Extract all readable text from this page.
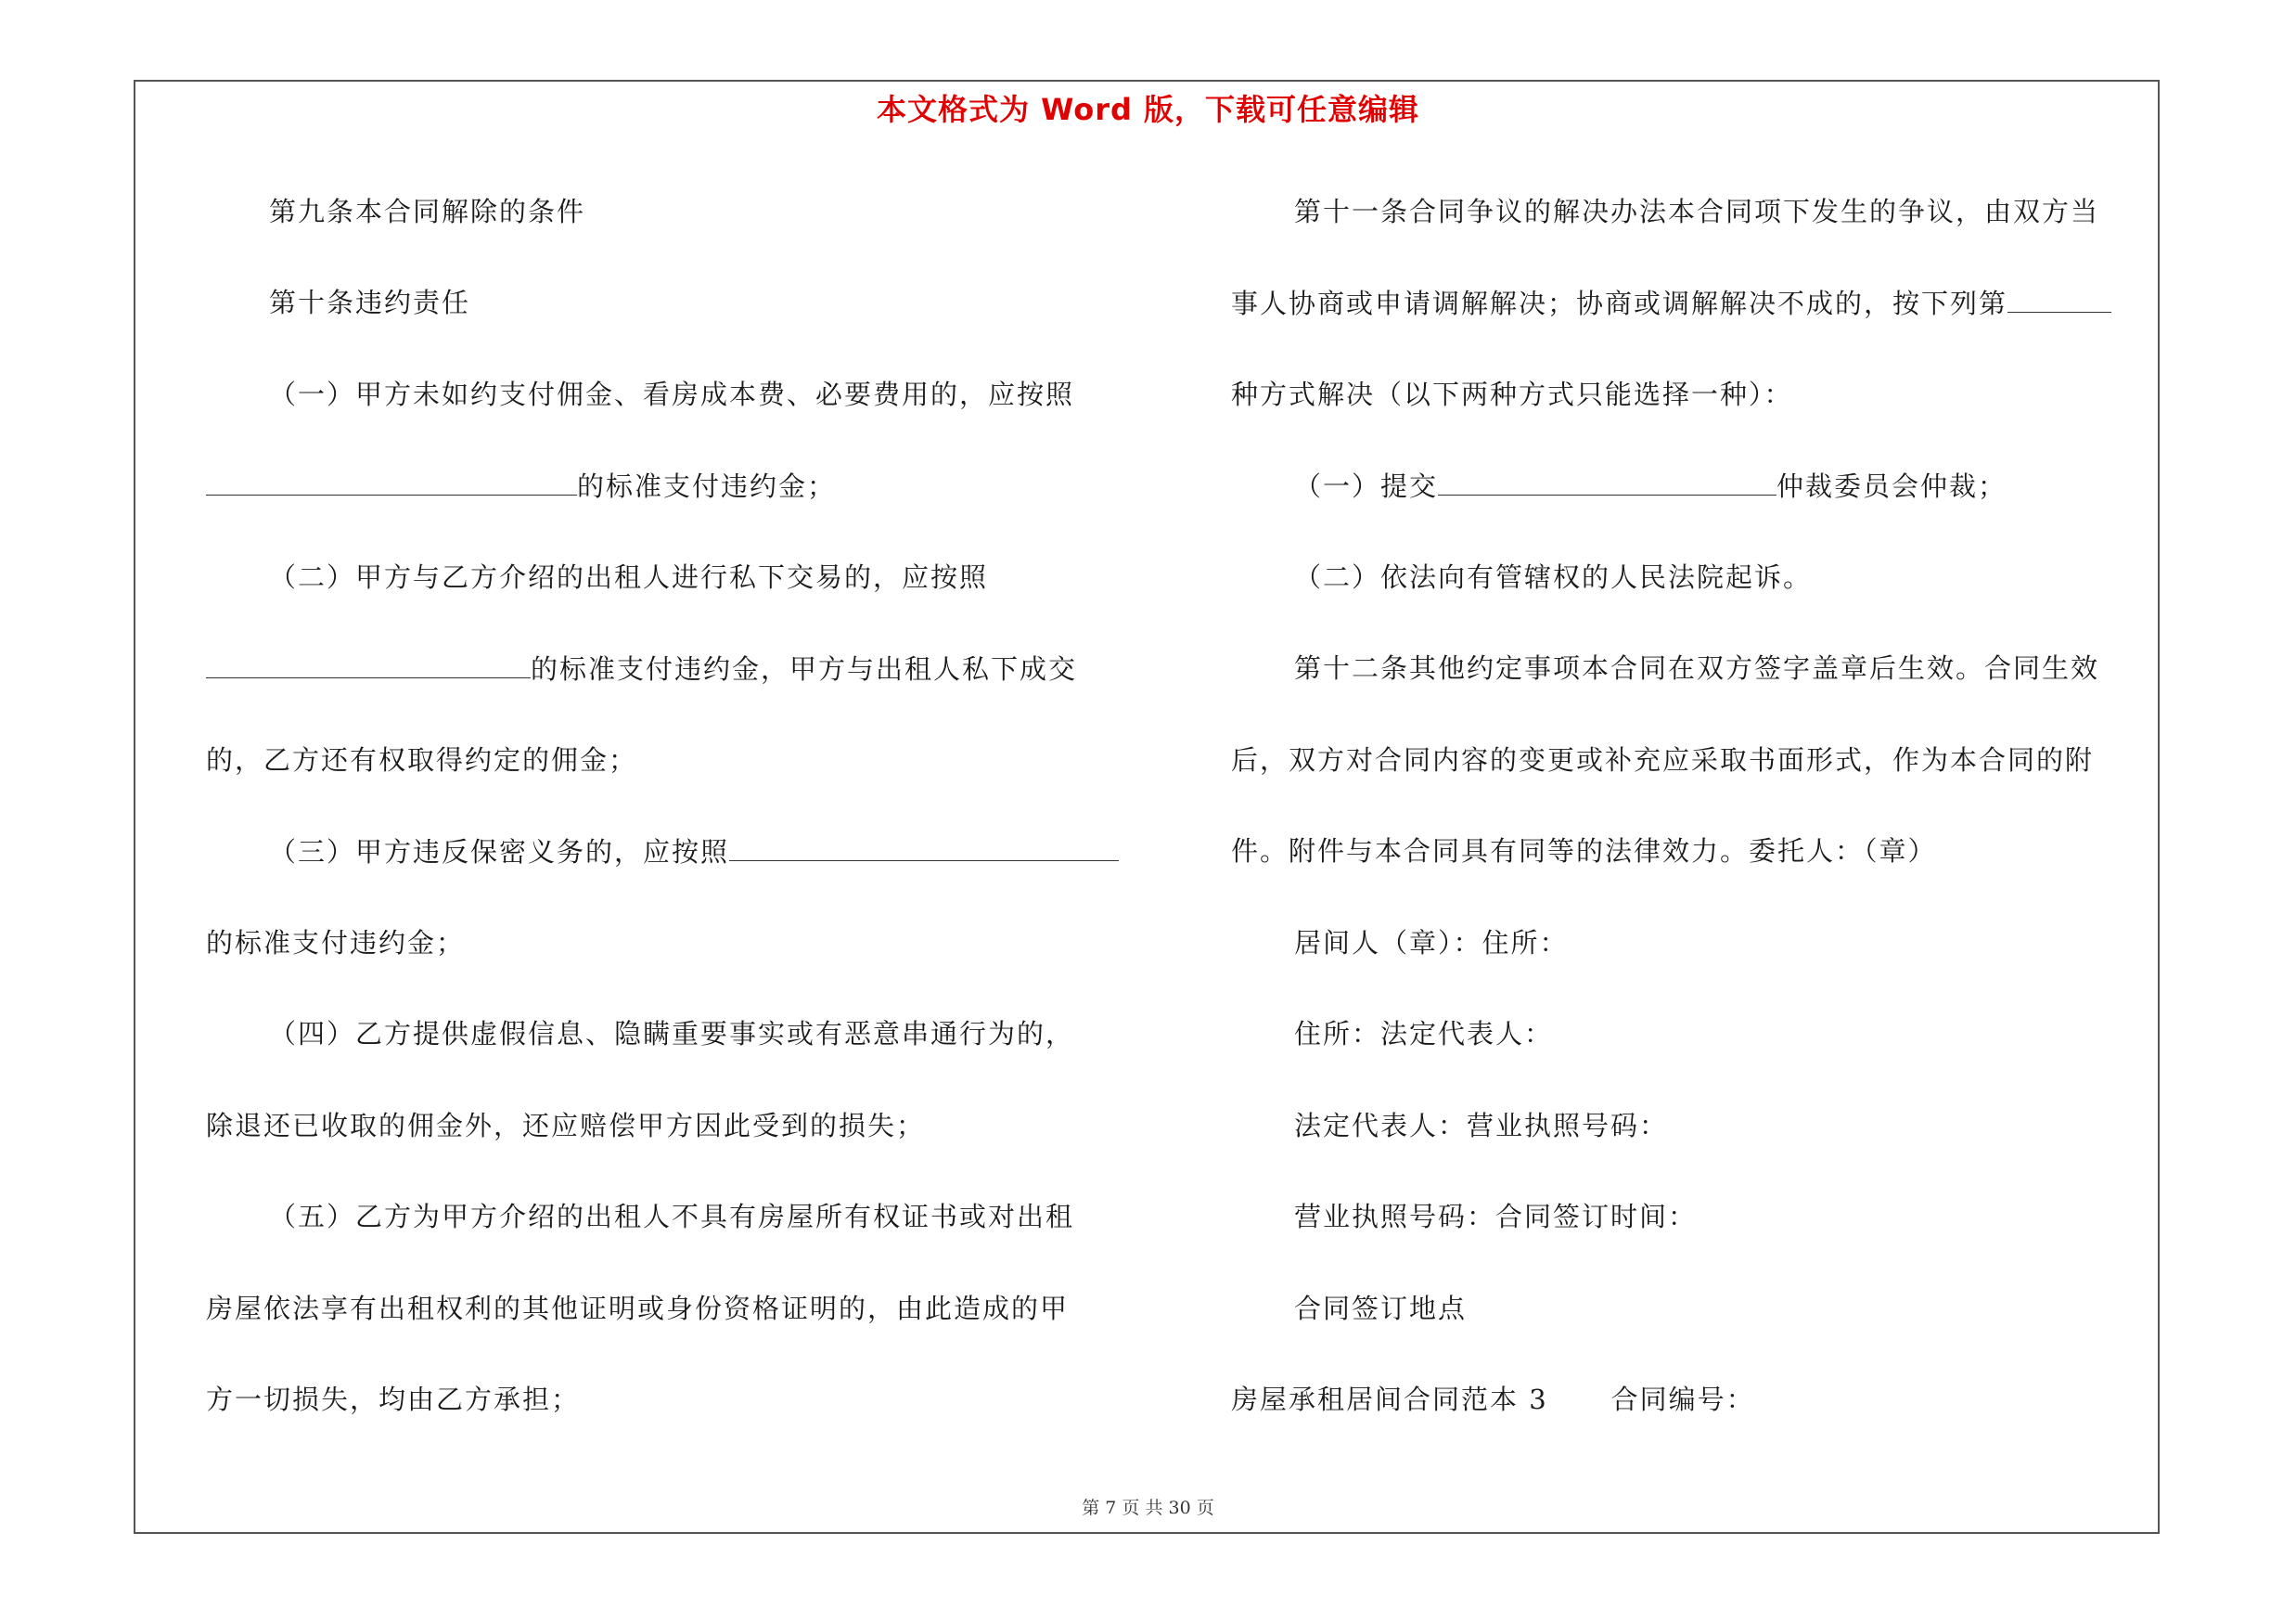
本文格式为 Word 版，下载可任意编辑
第九条本合同解除的条件
第十条违约责任
（一）甲方未如约支付佣金、看房成本费、必要费用的，应按照
的标准支付违约金；
（二）甲方与乙方介绍的出租人进行私下交易的，应按照
的标准支付违约金，甲方与出租人私下成交
的，乙方还有权取得约定的佣金；
（三）甲方违反保密义务的，应按照
的标准支付违约金；
（四）乙方提供虚假信息、隐瞒重要事实或有恶意串通行为的，
除退还已收取的佣金外，还应赔偿甲方因此受到的损失；
（五）乙方为甲方介绍的出租人不具有房屋所有权证书或对出租
房屋依法享有出租权利的其他证明或身份资格证明的，由此造成的甲
方一切损失，均由乙方承担；
第十一条合同争议的解决办法本合同项下发生的争议，由双方当
事人协商或申请调解解决；协商或调解解决不成的，按下列第
种方式解决（以下两种方式只能选择一种）：
（一）提交	仲裁委员会仲裁；
（二）依法向有管辖权的人民法院起诉。
第十二条其他约定事项本合同在双方签字盖章后生效。合同生效
后，双方对合同内容的变更或补充应采取书面形式，作为本合同的附
件。附件与本合同具有同等的法律效力。委托人：（章）
居间人（章）：住所：
住所：法定代表人：
法定代表人：营业执照号码：
营业执照号码：合同签订时间：
合同签订地点
房屋承租居间合同范本 3 合同编号：
第 7 页 共 30 页
